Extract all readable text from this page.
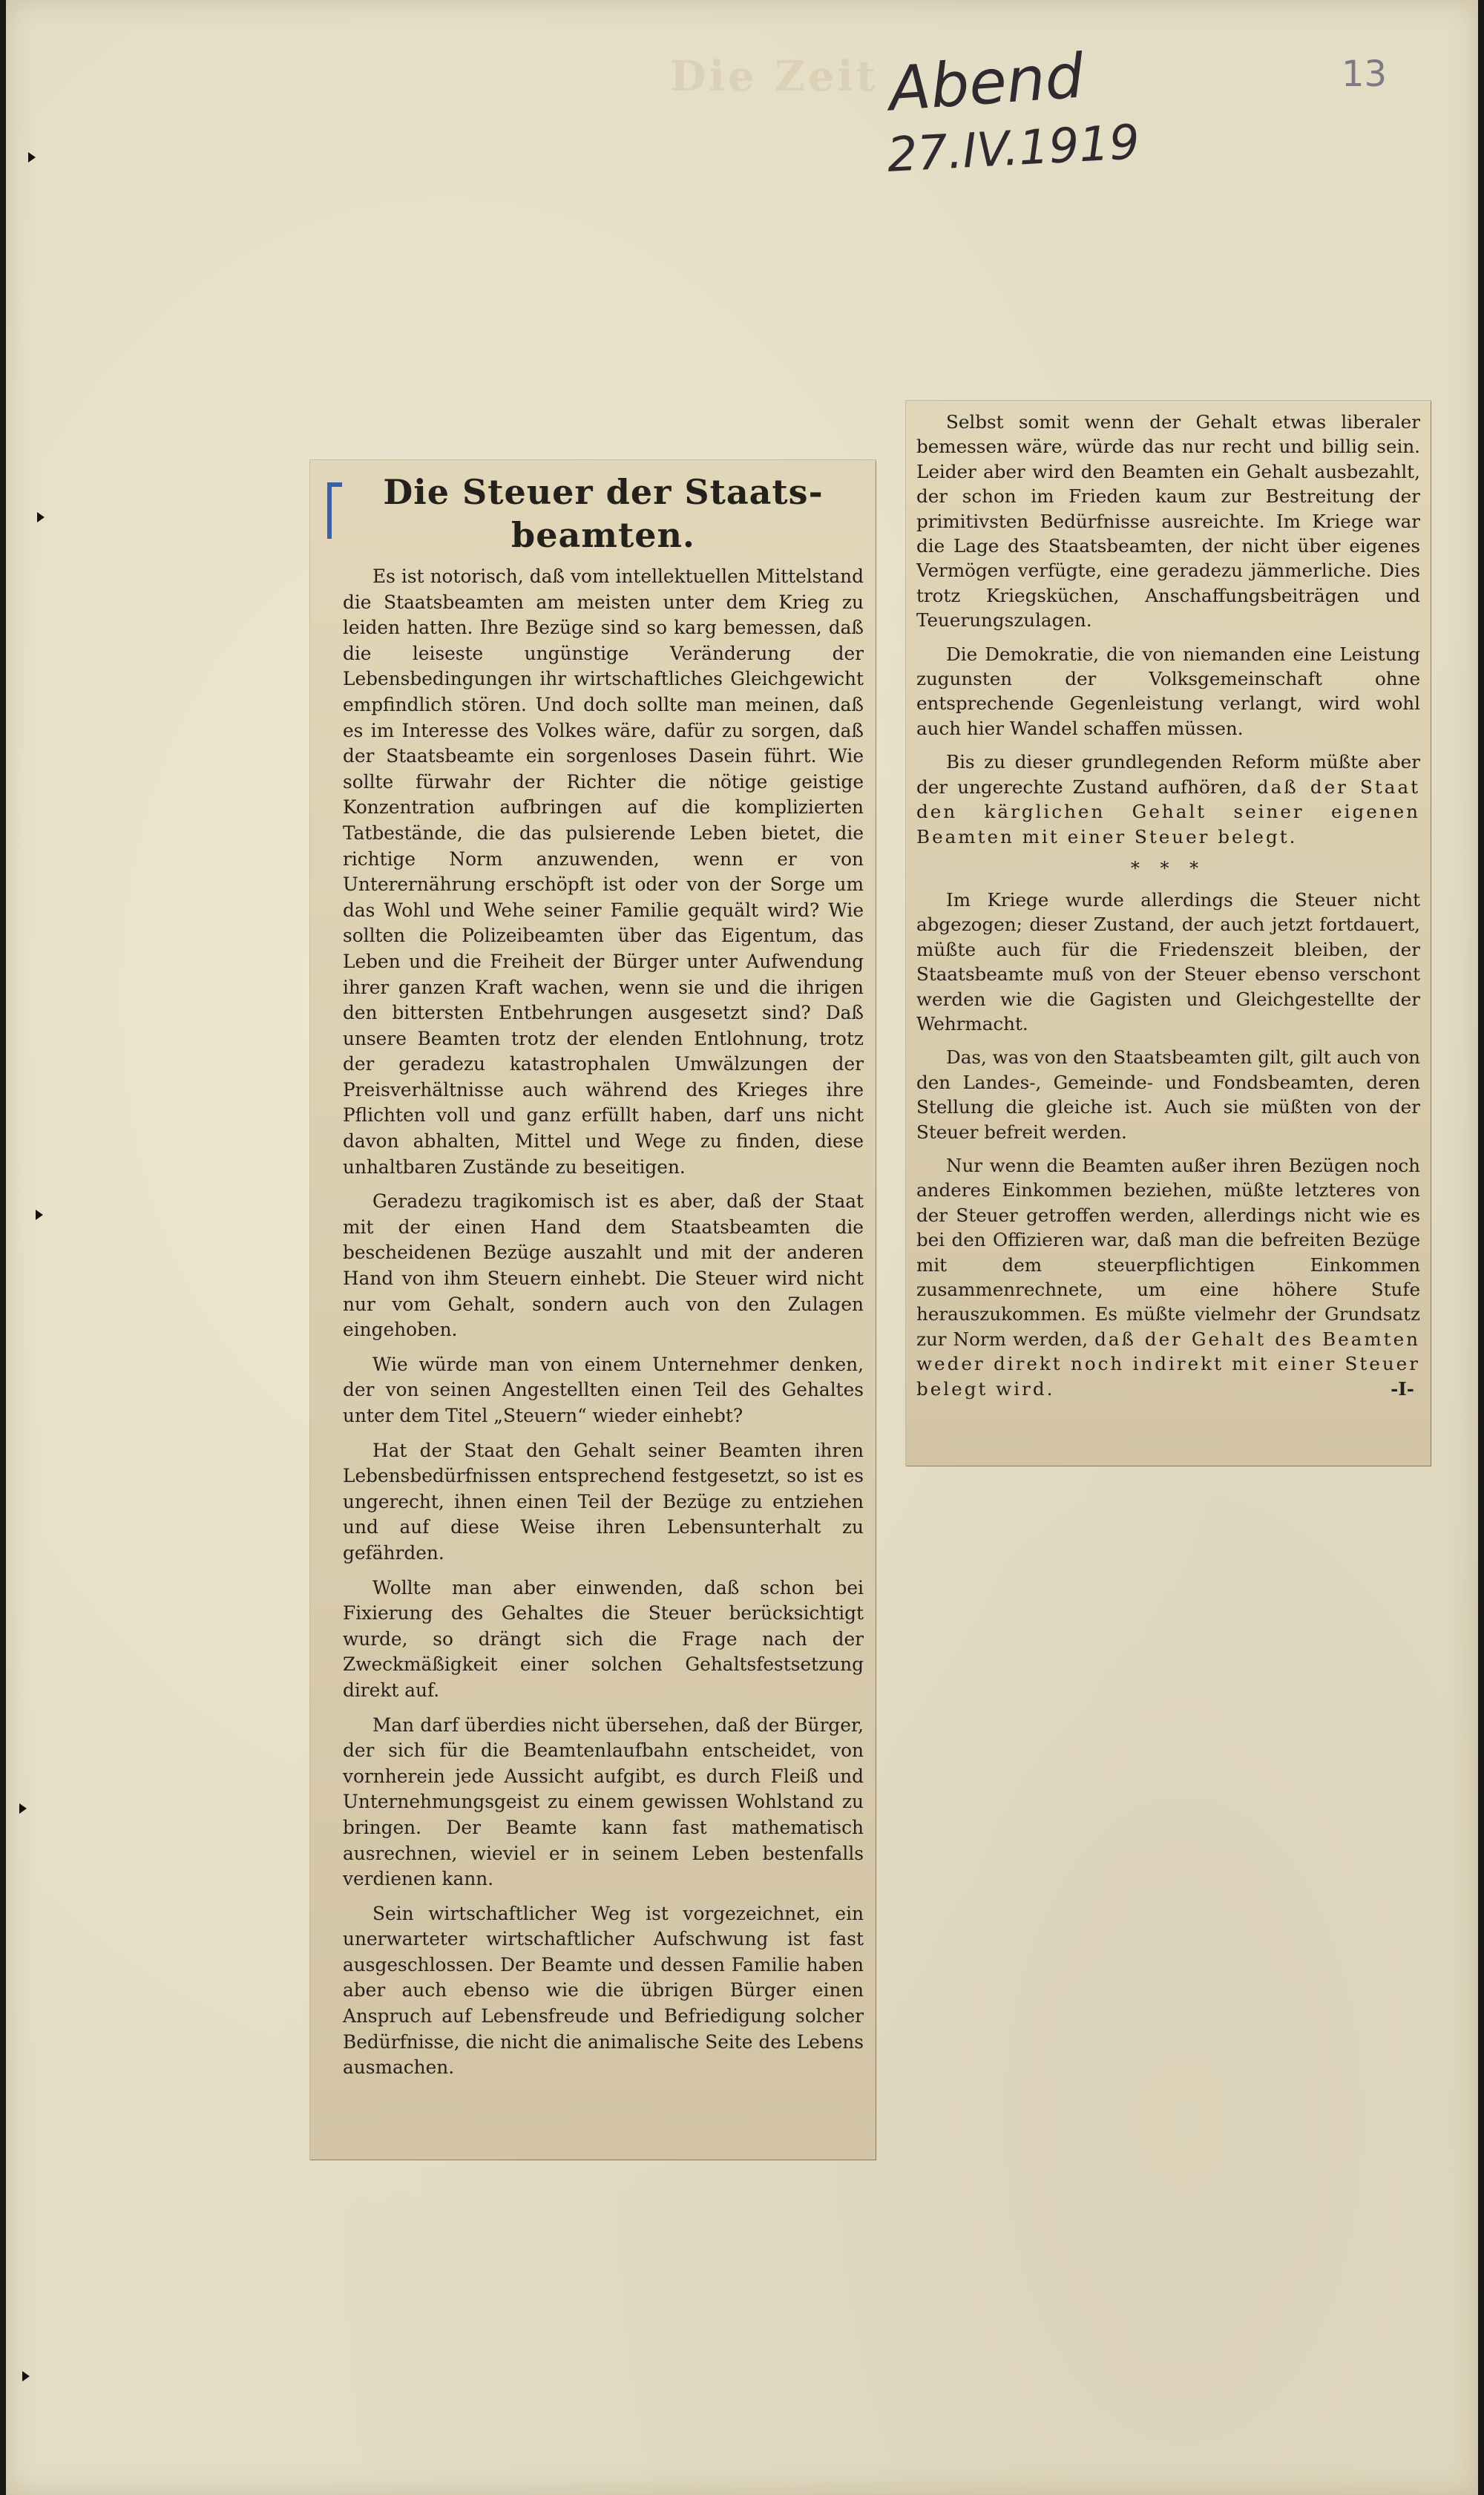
Die Zeit Abend
27.IV.1919
13
Die Steuer der Staats-beamten.

Es ist notorisch, daß vom intellektuellen Mittelstand die Staatsbeamten am meisten unter dem Krieg zu leiden hatten. Ihre Bezüge sind so karg bemessen, daß die leiseste ungünstige Veränderung der Lebensbedingungen ihr wirtschaftliches Gleichgewicht empfindlich stören. Und doch sollte man meinen, daß es im Interesse des Volkes wäre, dafür zu sorgen, daß der Staatsbeamte ein sorgenloses Dasein führt. Wie sollte fürwahr der Richter die nötige geistige Konzentration aufbringen auf die komplizierten Tatbestände, die das pulsierende Leben bietet, die richtige Norm anzuwenden, wenn er von Unterernährung erschöpft ist oder von der Sorge um das Wohl und Wehe seiner Familie gequält wird? Wie sollten die Polizeibeamten über das Eigentum, das Leben und die Freiheit der Bürger unter Aufwendung ihrer ganzen Kraft wachen, wenn sie und die ihrigen den bittersten Entbehrungen ausgesetzt sind? Daß unsere Beamten trotz der elenden Entlohnung, trotz der geradezu katastrophalen Umwälzungen der Preisverhältnisse auch während des Krieges ihre Pflichten voll und ganz erfüllt haben, darf uns nicht davon abhalten, Mittel und Wege zu finden, diese unhaltbaren Zustände zu beseitigen.

Geradezu tragikomisch ist es aber, daß der Staat mit der einen Hand dem Staatsbeamten die bescheidenen Bezüge auszahlt und mit der anderen Hand von ihm Steuern einhebt. Die Steuer wird nicht nur vom Gehalt, sondern auch von den Zulagen eingehoben.

Wie würde man von einem Unternehmer denken, der von seinen Angestellten einen Teil des Gehaltes unter dem Titel „Steuern“ wieder einhebt?

Hat der Staat den Gehalt seiner Beamten ihren Lebensbedürfnissen entsprechend festgesetzt, so ist es ungerecht, ihnen einen Teil der Bezüge zu entziehen und auf diese Weise ihren Lebensunterhalt zu gefährden.

Wollte man aber einwenden, daß schon bei Fixierung des Gehaltes die Steuer berücksichtigt wurde, so drängt sich die Frage nach der Zweckmäßigkeit einer solchen Gehaltsfestsetzung direkt auf.

Man darf überdies nicht übersehen, daß der Bürger, der sich für die Beamtenlaufbahn entscheidet, von vornherein jede Aussicht aufgibt, es durch Fleiß und Unternehmungsgeist zu einem gewissen Wohlstand zu bringen. Der Beamte kann fast mathematisch ausrechnen, wieviel er in seinem Leben bestenfalls verdienen kann.

Sein wirtschaftlicher Weg ist vorgezeichnet, ein unerwarteter wirtschaftlicher Aufschwung ist fast ausgeschlossen. Der Beamte und dessen Familie haben aber auch ebenso wie die übrigen Bürger einen Anspruch auf Lebensfreude und Befriedigung solcher Bedürfnisse, die nicht die animalische Seite des Lebens ausmachen.

Selbst somit wenn der Gehalt etwas liberaler bemessen wäre, würde das nur recht und billig sein. Leider aber wird den Beamten ein Gehalt ausbezahlt, der schon im Frieden kaum zur Bestreitung der primitivsten Bedürfnisse ausreichte. Im Kriege war die Lage des Staatsbeamten, der nicht über eigenes Vermögen verfügte, eine geradezu jämmerliche. Dies trotz Kriegsküchen, Anschaffungsbeiträgen und Teuerungszulagen.

Die Demokratie, die von niemanden eine Leistung zugunsten der Volksgemeinschaft ohne entsprechende Gegenleistung verlangt, wird wohl auch hier Wandel schaffen müssen.

Bis zu dieser grundlegenden Reform müßte aber der ungerechte Zustand aufhören, daß der Staat den kärglichen Gehalt seiner eigenen Beamten mit einer Steuer belegt.

* * *

Im Kriege wurde allerdings die Steuer nicht abgezogen; dieser Zustand, der auch jetzt fortdauert, müßte auch für die Friedenszeit bleiben, der Staatsbeamte muß von der Steuer ebenso verschont werden wie die Gagisten und Gleichgestellte der Wehrmacht.

Das, was von den Staatsbeamten gilt, gilt auch von den Landes-, Gemeinde- und Fondsbeamten, deren Stellung die gleiche ist. Auch sie müßten von der Steuer befreit werden.

Nur wenn die Beamten außer ihren Bezügen noch anderes Einkommen beziehen, müßte letzteres von der Steuer getroffen werden, allerdings nicht wie es bei den Offizieren war, daß man die befreiten Bezüge mit dem steuerpflichtigen Einkommen zusammenrechnete, um eine höhere Stufe herauszukommen. Es müßte vielmehr der Grundsatz zur Norm werden, daß der Gehalt des Beamten weder direkt noch indirekt mit einer Steuer belegt wird.	-I-
